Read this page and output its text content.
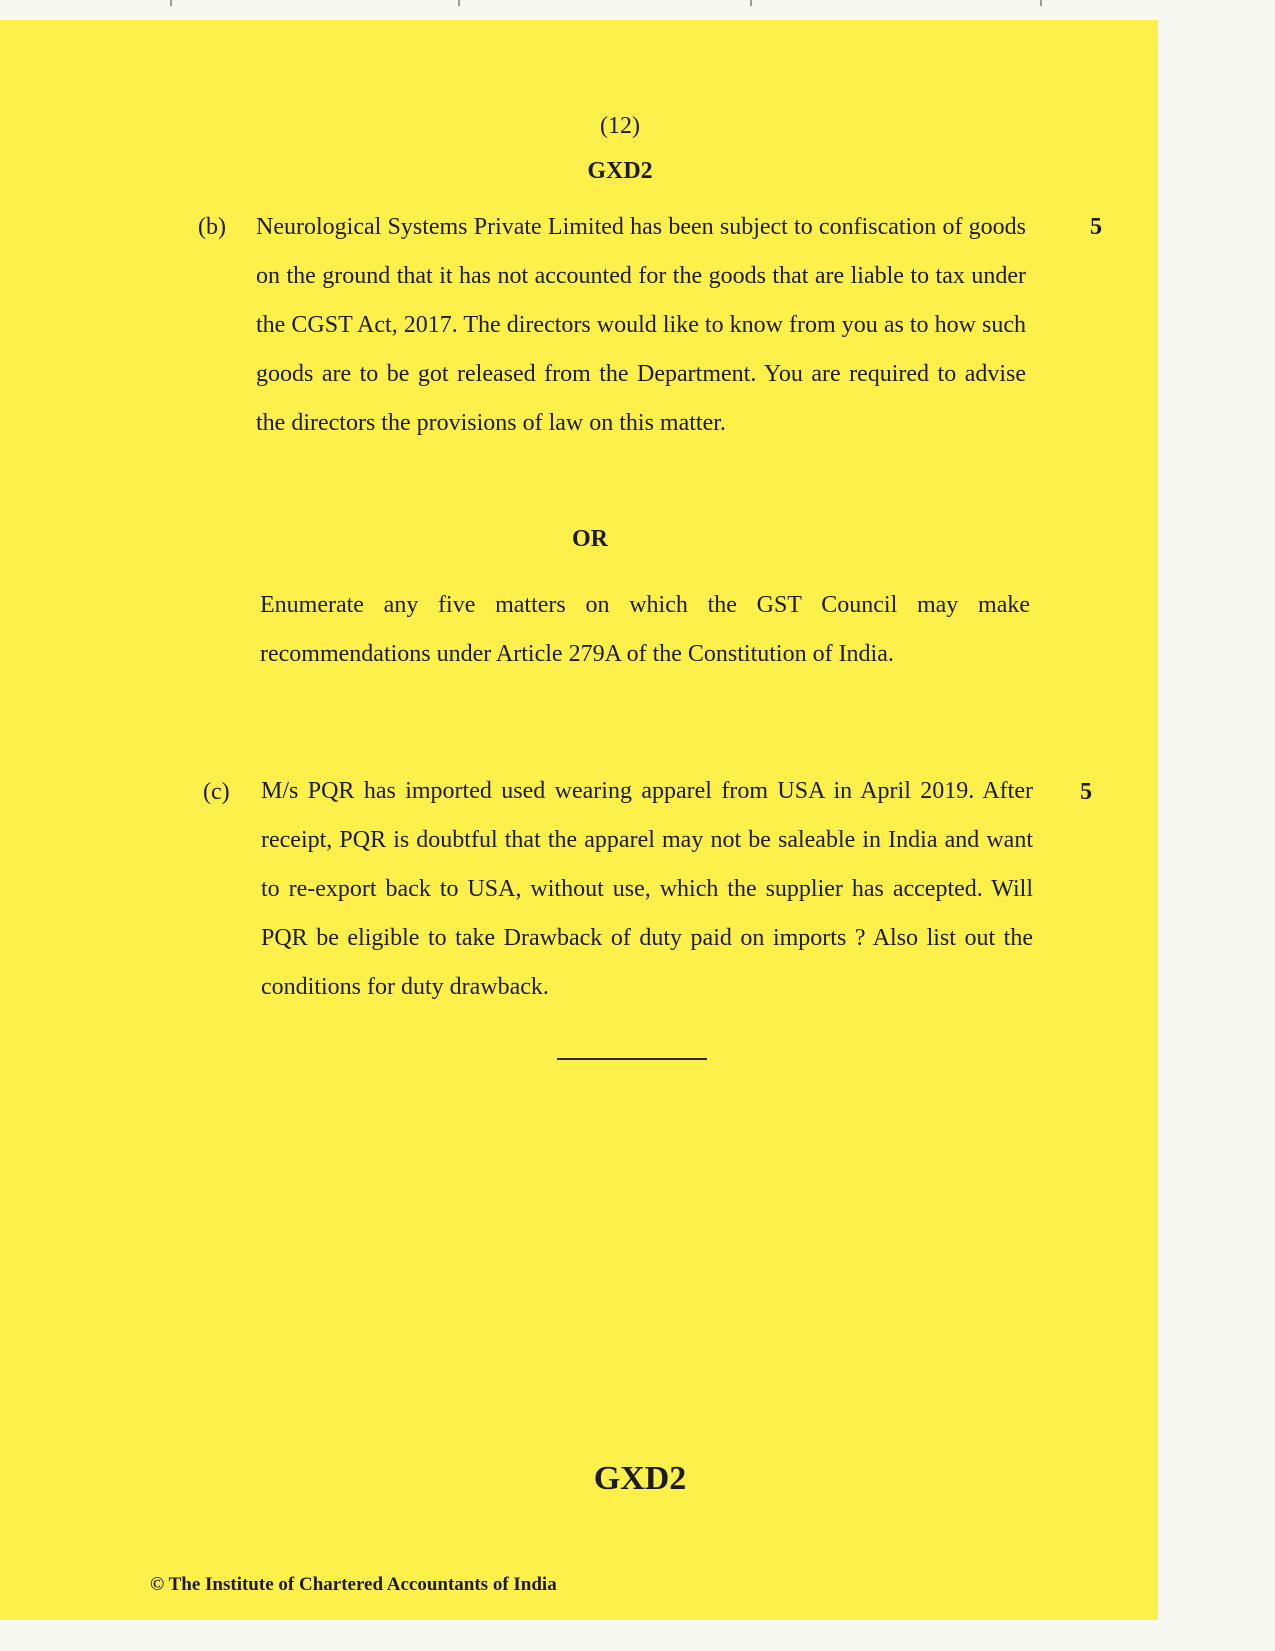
(12)
GXD2
(b) Neurological Systems Private Limited has been subject to confiscation of goods on the ground that it has not accounted for the goods that are liable to tax under the CGST Act, 2017. The directors would like to know from you as to how such goods are to be got released from the Department. You are required to advise the directors the provisions of law on this matter.
5
OR
Enumerate any five matters on which the GST Council may make recommendations under Article 279A of the Constitution of India.
(c) M/s PQR has imported used wearing apparel from USA in April 2019. After receipt, PQR is doubtful that the apparel may not be saleable in India and want to re-export back to USA, without use, which the supplier has accepted. Will PQR be eligible to take Drawback of duty paid on imports ? Also list out the conditions for duty drawback.
5
GXD2
© The Institute of Chartered Accountants of India
